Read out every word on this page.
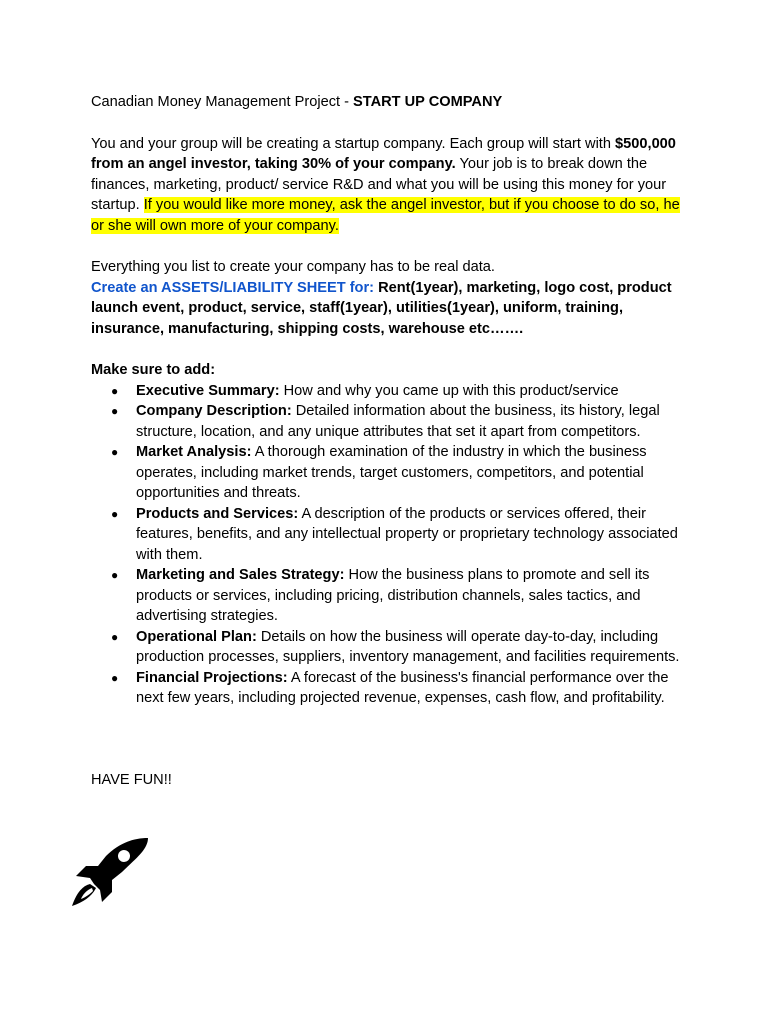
Canadian Money Management Project - START UP COMPANY

You and your group will be creating a startup company. Each group will start with $500,000 from an angel investor, taking 30% of your company. Your job is to break down the finances, marketing, product/ service R&D and what you will be using this money for your startup. If you would like more money, ask the angel investor, but if you choose to do so, he or she will own more of your company.

Everything you list to create your company has to be real data.

Create an ASSETS/LIABILITY SHEET for: Rent(1year), marketing, logo cost, product launch event, product, service, staff(1year), utilities(1year), uniform, training, insurance, manufacturing, shipping costs, warehouse etc…….

Make sure to add:

● Executive Summary: How and why you came up with this product/service
● Company Description: Detailed information about the business, its history, legal structure, location, and any unique attributes that set it apart from competitors.
● Market Analysis: A thorough examination of the industry in which the business operates, including market trends, target customers, competitors, and potential opportunities and threats.
● Products and Services: A description of the products or services offered, their features, benefits, and any intellectual property or proprietary technology associated with them.
● Marketing and Sales Strategy: How the business plans to promote and sell its products or services, including pricing, distribution channels, sales tactics, and advertising strategies.
● Operational Plan: Details on how the business will operate day-to-day, including production processes, suppliers, inventory management, and facilities requirements.
● Financial Projections: A forecast of the business's financial performance over the next few years, including projected revenue, expenses, cash flow, and profitability.

HAVE FUN!!
